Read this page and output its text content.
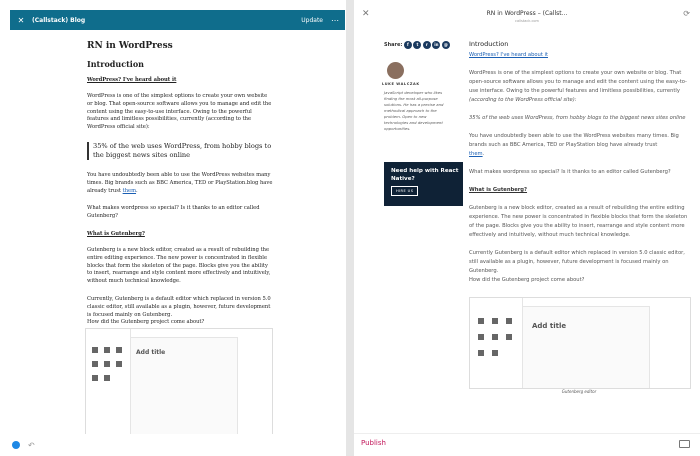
✕	(Callstack) Blog	Update ⋯
RN in WordPress
Introduction
WordPress? I've heard about it

WordPress is one of the simplest options to create your own website or blog. That open-source software allows you to manage and edit the content using the easy-to-use interface. Owing to the powerful features and limitless possibilities, currently (according to the WordPress official site):

35% of the web uses WordPress, from hobby blogs to the biggest news sites online

You have undoubtedly been able to use the WordPress websites many times. Big brands such as BBC America, TED or PlayStation.blog have already trust them.

What makes wordpress so special? Is it thanks to an editor called Gutenberg?

What is Gutenberg?

Gutenberg is a new block editor, created as a result of rebuilding the entire editing experience. The new power is concentrated in flexible blocks that form the skeleton of the page. Blocks give you the ability to insert, rearrange and style content more effectively and intuitively, without much technical knowledge.

Currently, Gutenberg is a default editor which replaced in version 5.0 classic editor, still available as a plugin, however, future development is focused mainly on Gutenberg.

How did the Gutenberg project come about?

Add title
↶
✕	RN in WordPress – (Callst...
callstack.com
⟳
Share:	f	t	r	in	@
LUKE WALCZAK
JavaScript developer who likes
finding the most all-purpose
solutions. He has a precise and
methodical approach to the
problem. Open to new
technologies and development
opportunities.
Need help with React
Native?
HIRE US
Introduction
WordPress? I've heard about it
WordPress is one of the simplest options to create your own website or blog. That
open-source software allows you to manage and edit the content using the easy-to-
use interface. Owing to the powerful features and limitless possibilities, currently
(according to the WordPress official site):
35% of the web uses WordPress, from hobby blogs to the biggest news sites online
You have undoubtedly been able to use the WordPress websites many times. Big
brands such as BBC America, TED or PlayStation blog have already trust
them.
What makes wordpress so special? Is it thanks to an editor called Gutenberg?
What is Gutenberg?
Gutenberg is a new block editor, created as a result of rebuilding the entire editing
experience. The new power is concentrated in flexible blocks that form the skeleton
of the page. Blocks give you the ability to insert, rearrange and style content more
effectively and intuitively, without much technical knowledge.
Currently Gutenberg is a default editor which replaced in version 5.0 classic editor,
still available as a plugin, however, future development is focused mainly on
Gutenberg.
How did the Gutenberg project come about?
Add title
Gutenberg editor
Publish
